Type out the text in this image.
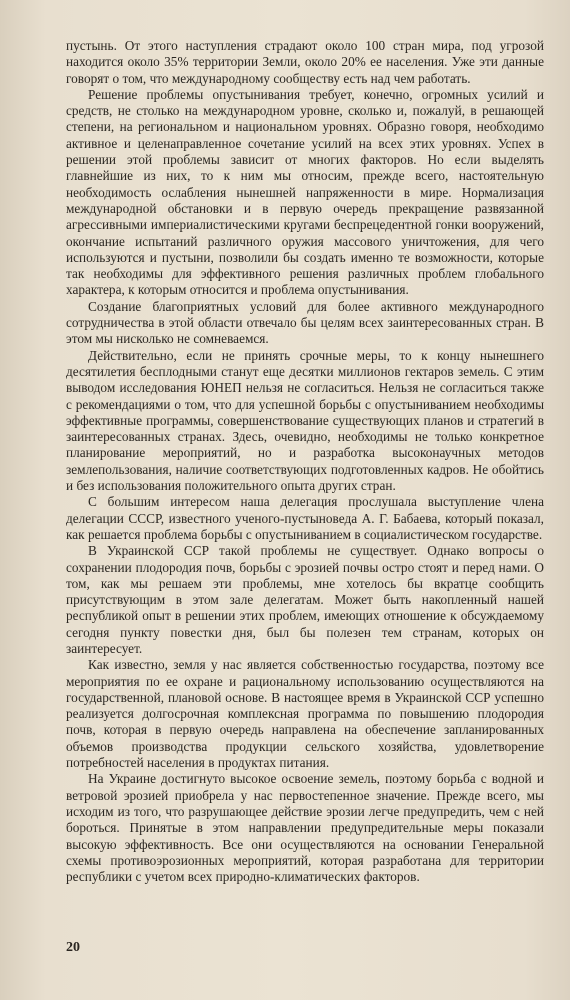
пустынь. От этого наступления страдают около 100 стран мира, под угрозой находится около 35% территории Земли, около 20% ее населения. Уже эти данные говорят о том, что международному сообществу есть над чем работать.

Решение проблемы опустынивания требует, конечно, огромных усилий и средств, не столько на международном уровне, сколько и, пожалуй, в решающей степени, на региональном и национальном уровнях. Образно говоря, необходимо активное и целенаправленное сочетание усилий на всех этих уровнях. Успех в решении этой проблемы зависит от многих факторов. Но если выделять главнейшие из них, то к ним мы относим, прежде всего, настоятельную необходимость ослабления нынешней напряженности в мире. Нормализация международной обстановки и в первую очередь прекращение развязанной агрессивными империалистическими кругами беспрецедентной гонки вооружений, окончание испытаний различного оружия массового уничтожения, для чего используются и пустыни, позволили бы создать именно те возможности, которые так необходимы для эффективного решения различных проблем глобального характера, к которым относится и проблема опустынивания.

Создание благоприятных условий для более активного международного сотрудничества в этой области отвечало бы целям всех заинтересованных стран. В этом мы нисколько не сомневаемся.

Действительно, если не принять срочные меры, то к концу нынешнего десятилетия бесплодными станут еще десятки миллионов гектаров земель. С этим выводом исследования ЮНЕП нельзя не согласиться. Нельзя не согласиться также с рекомендациями о том, что для успешной борьбы с опустыниванием необходимы эффективные программы, совершенствование существующих планов и стратегий в заинтересованных странах. Здесь, очевидно, необходимы не только конкретное планирование мероприятий, но и разработка высоконаучных методов землепользования, наличие соответствующих подготовленных кадров. Не обойтись и без использования положительного опыта других стран.

С большим интересом наша делегация прослушала выступление члена делегации СССР, известного ученого-пустыноведа А. Г. Бабаева, который показал, как решается проблема борьбы с опустыниванием в социалистическом государстве.

В Украинской ССР такой проблемы не существует. Однако вопросы о сохранении плодородия почв, борьбы с эрозией почвы остро стоят и перед нами. О том, как мы решаем эти проблемы, мне хотелось бы вкратце сообщить присутствующим в этом зале делегатам. Может быть накопленный нашей республикой опыт в решении этих проблем, имеющих отношение к обсуждаемому сегодня пункту повестки дня, был бы полезен тем странам, которых он заинтересует.

Как известно, земля у нас является собственностью государства, поэтому все мероприятия по ее охране и рациональному использованию осуществляются на государственной, плановой основе. В настоящее время в Украинской ССР успешно реализуется долгосрочная комплексная программа по повышению плодородия почв, которая в первую очередь направлена на обеспечение запланированных объемов производства продукции сельского хозяйства, удовлетворение потребностей населения в продуктах питания.

На Украине достигнуто высокое освоение земель, поэтому борьба с водной и ветровой эрозией приобрела у нас первостепенное значение. Прежде всего, мы исходим из того, что разрушающее действие эрозии легче предупредить, чем с ней бороться. Принятые в этом направлении предупредительные меры показали высокую эффективность. Все они осуществляются на основании Генеральной схемы противоэрозионных мероприятий, которая разработана для территории республики с учетом всех природно-климатических факторов.

20
